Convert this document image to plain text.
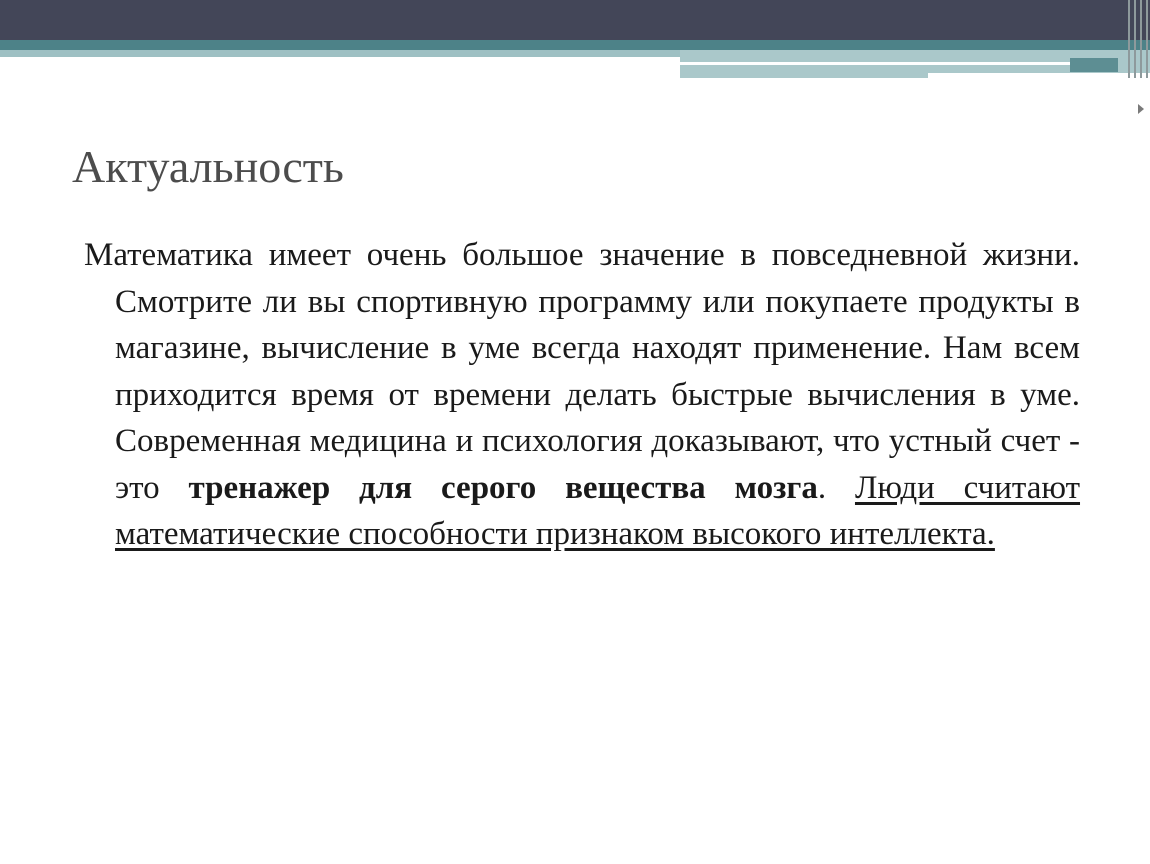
Актуальность

Математика имеет очень большое значение в повседневной жизни. Смотрите ли вы спортивную программу или покупаете продукты в магазине, вычисление в уме всегда находят применение. Нам всем приходится время от времени делать быстрые вычисления в уме. Современная медицина и психология доказывают, что устный счет - это тренажер для серого вещества мозга. Люди считают математические способности признаком высокого интеллекта.
